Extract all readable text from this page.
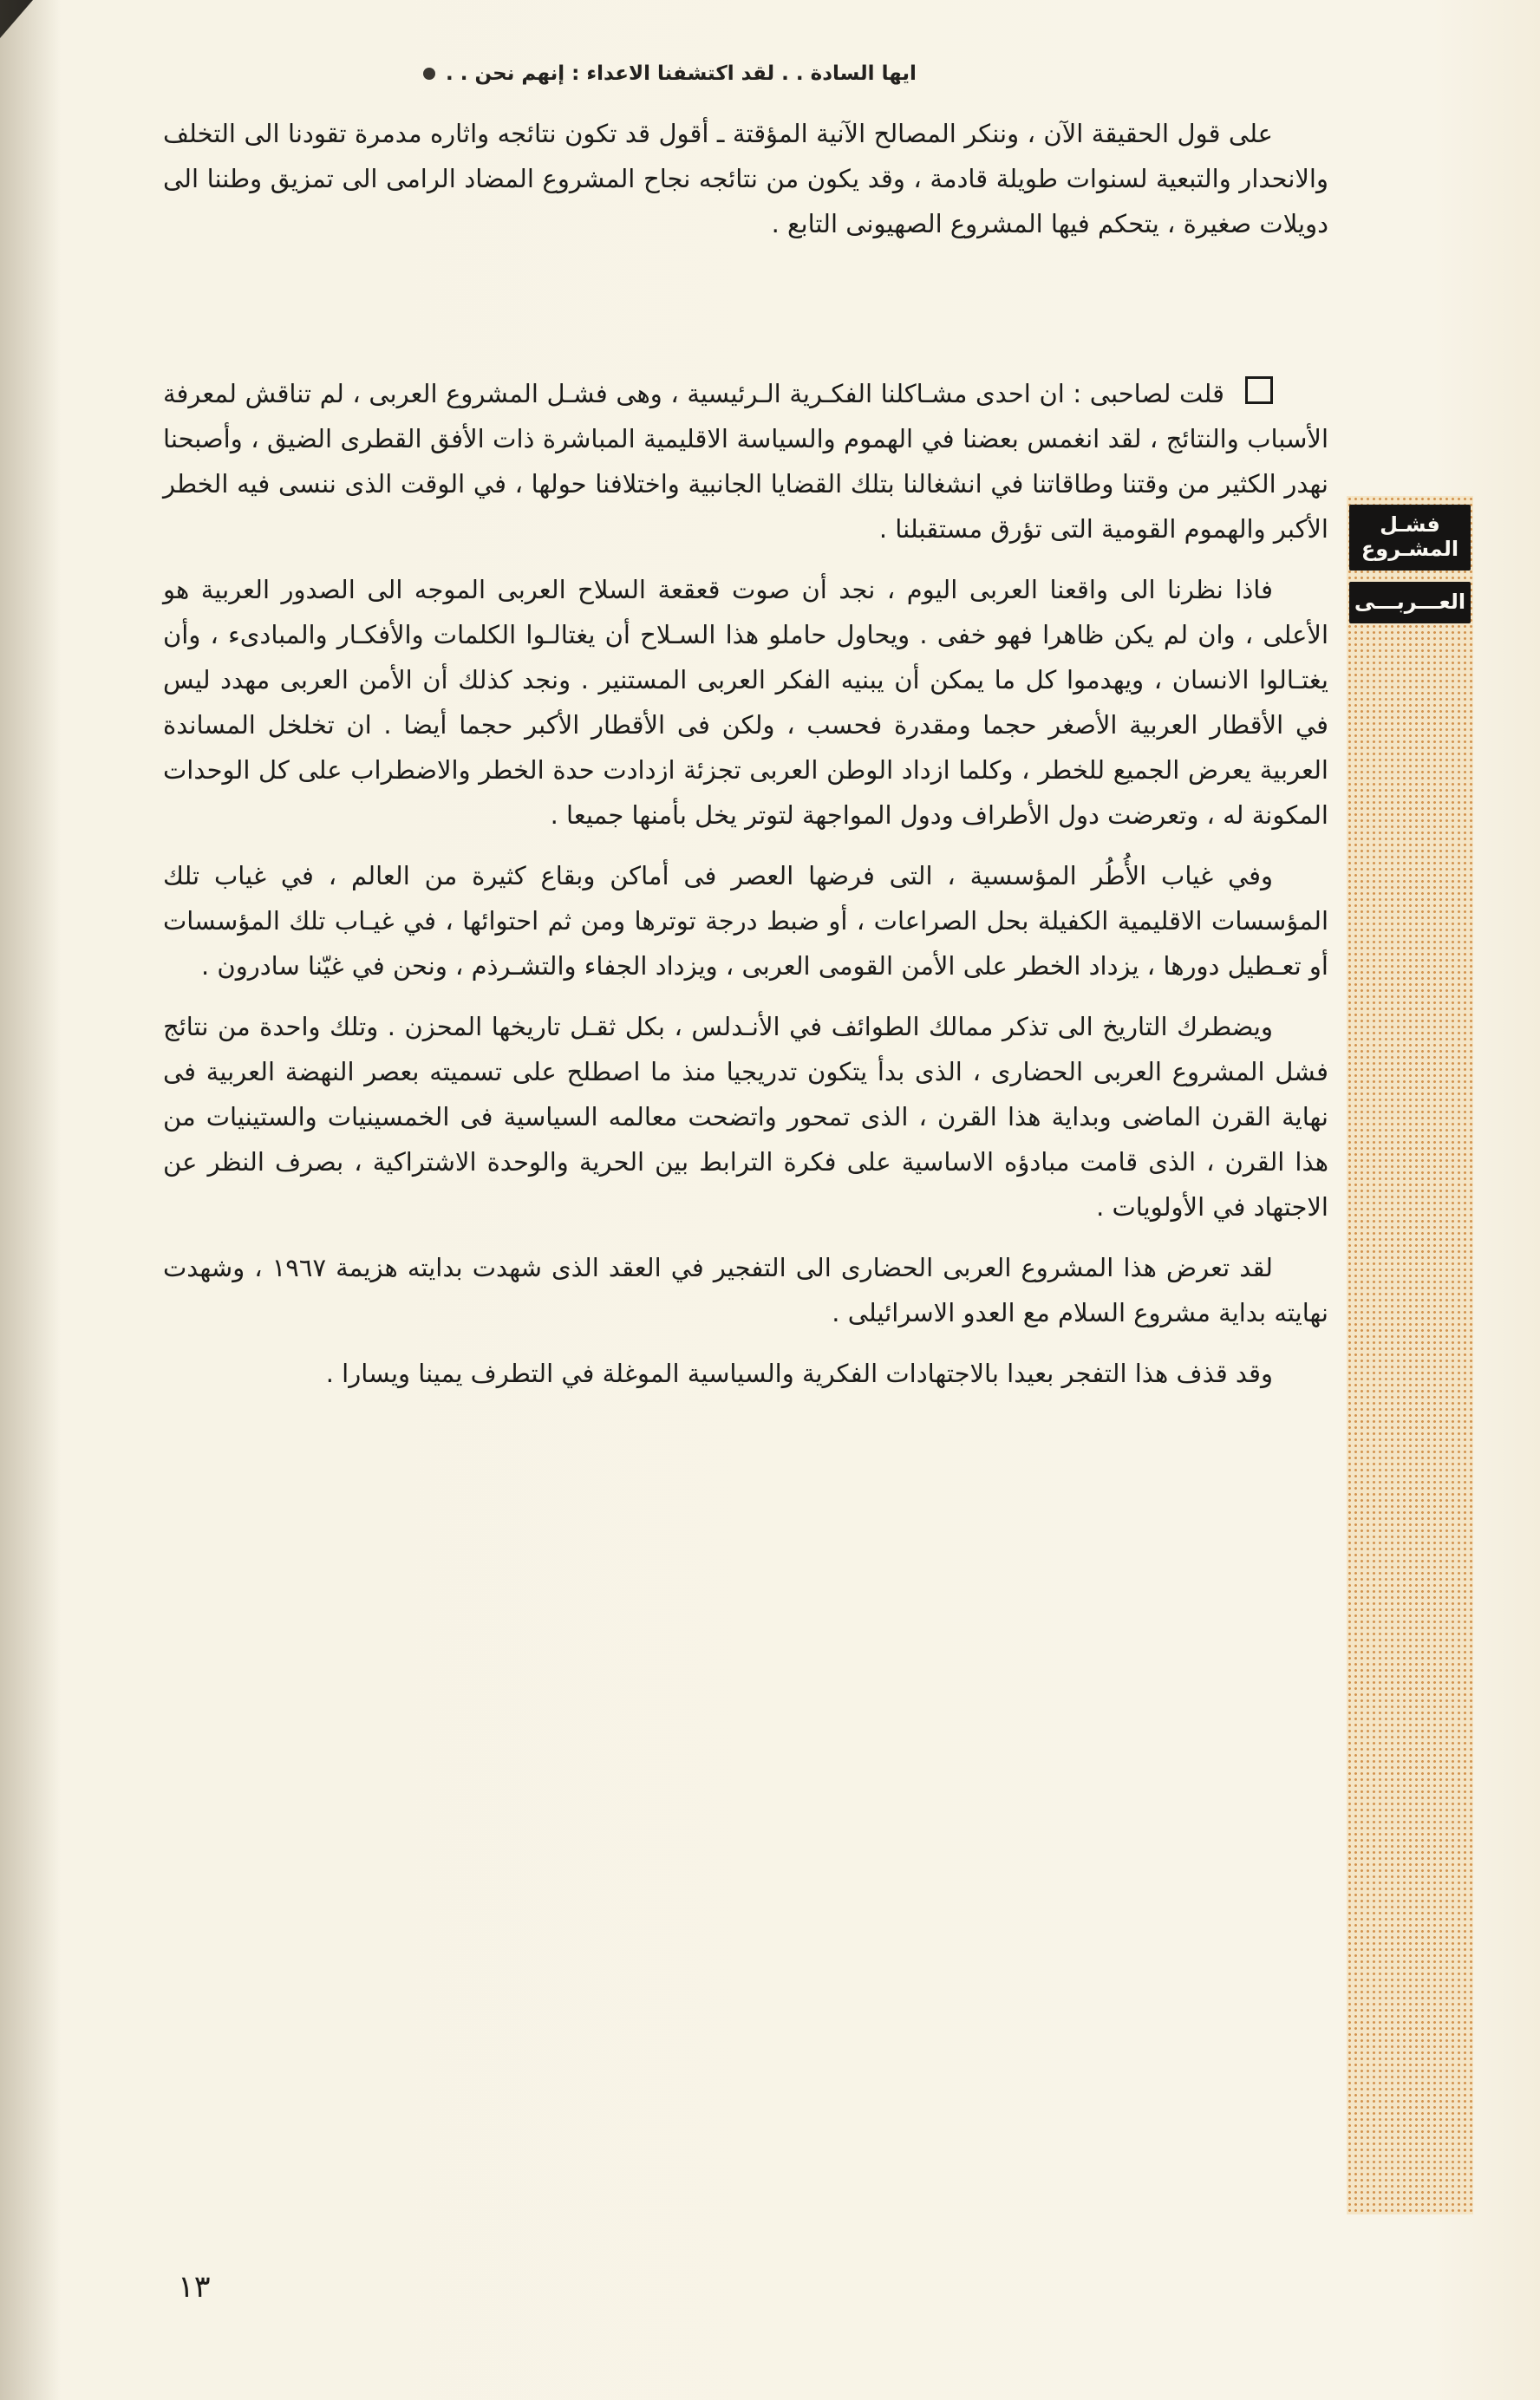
ايها السادة . . لقد اكتشفنا الاعداء : إنهم نحن . .
فشـل المشـروع
العـــربـــى

على قول الحقيقة الآن ، وننكر المصالح الآنية المؤقتة ـ أقول قد تكون نتائجه واثاره مدمرة تقودنا الى التخلف والانحدار والتبعية لسنوات طويلة قادمة ، وقد يكون من نتائجه نجاح المشروع المضاد الرامى الى تمزيق وطننا الى دويلات صغيرة ، يتحكم فيها المشروع الصهيونى التابع .

قلت لصاحبى : ان احدى مشـاكلنا الفكـرية الـرئيسية ، وهى فشـل المشروع العربى ، لم تناقش لمعرفة الأسباب والنتائج ، لقد انغمس بعضنا في الهموم والسياسة الاقليمية المباشرة ذات الأفق القطرى الضيق ، وأصبحنا نهدر الكثير من وقتنا وطاقاتنا في انشغالنا بتلك القضايا الجانبية واختلافنا حولها ، في الوقت الذى ننسى فيه الخطر الأكبر والهموم القومية التى تؤرق مستقبلنا .

فاذا نظرنا الى واقعنا العربى اليوم ، نجد أن صوت قعقعة السلاح العربى الموجه الى الصدور العربية هو الأعلى ، وان لم يكن ظاهرا فهو خفى . ويحاول حاملو هذا السـلاح أن يغتالـوا الكلمات والأفكـار والمبادىء ، وأن يغتـالوا الانسان ، ويهدموا كل ما يمكن أن يبنيه الفكر العربى المستنير . ونجد كذلك أن الأمن العربى مهدد ليس في الأقطار العربية الأصغر حجما ومقدرة فحسب ، ولكن فى الأقطار الأكبر حجما أيضا . ان تخلخل المساندة العربية يعرض الجميع للخطر ، وكلما ازداد الوطن العربى تجزئة ازدادت حدة الخطر والاضطراب على كل الوحدات المكونة له ، وتعرضت دول الأطراف ودول المواجهة لتوتر يخل بأمنها جميعا .

وفي غياب الأُطُر المؤسسية ، التى فرضها العصر فى أماكن وبقاع كثيرة من العالم ، في غياب تلك المؤسسات الاقليمية الكفيلة بحل الصراعات ، أو ضبط درجة توترها ومن ثم احتوائها ، في غيـاب تلك المؤسسات أو تعـطيل دورها ، يزداد الخطر على الأمن القومى العربى ، ويزداد الجفاء والتشـرذم ، ونحن في غيّنا سادرون .

ويضطرك التاريخ الى تذكر ممالك الطوائف في الأنـدلس ، بكل ثقـل تاريخها المحزن . وتلك واحدة من نتائج فشل المشروع العربى الحضارى ، الذى بدأ يتكون تدريجيا منذ ما اصطلح على تسميته بعصر النهضة العربية فى نهاية القرن الماضى وبداية هذا القرن ، الذى تمحور واتضحت معالمه السياسية فى الخمسينيات والستينيات من هذا القرن ، الذى قامت مبادؤه الاساسية على فكرة الترابط بين الحرية والوحدة الاشتراكية ، بصرف النظر عن الاجتهاد في الأولويات .

لقد تعرض هذا المشروع العربى الحضارى الى التفجير في العقد الذى شهدت بدايته هزيمة ١٩٦٧ ، وشهدت نهايته بداية مشروع السلام مع العدو الاسرائيلى .

وقد قذف هذا التفجر بعيدا بالاجتهادات الفكرية والسياسية الموغلة في التطرف يمينا ويسارا .

١٣
